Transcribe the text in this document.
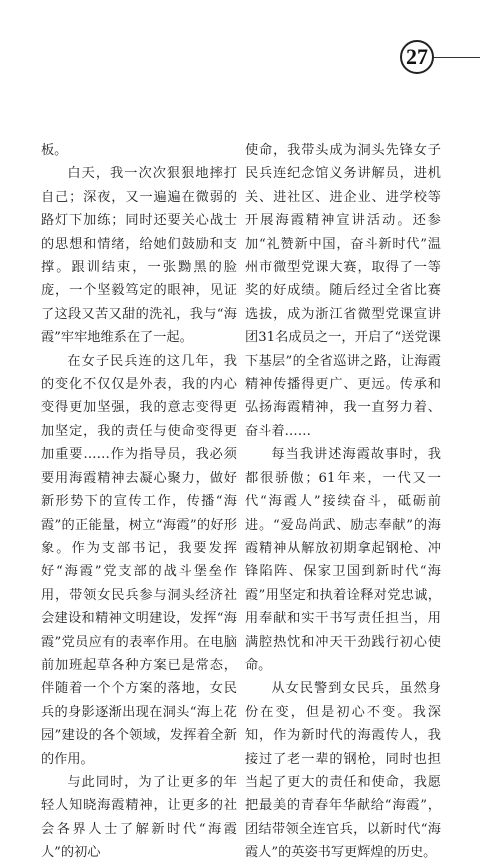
27

板。

白天，我一次次狠狠地摔打自己；深夜，又一遍遍在微弱的路灯下加练；同时还要关心战士的思想和情绪，给她们鼓励和支撑。跟训结束，一张黝黑的脸庞，一个坚毅笃定的眼神，见证了这段又苦又甜的洗礼，我与“海霞”牢牢地维系在了一起。

在女子民兵连的这几年，我的变化不仅仅是外表，我的内心变得更加坚强，我的意志变得更加坚定，我的责任与使命变得更加重要……作为指导员，我必须要用海霞精神去凝心聚力，做好新形势下的宣传工作，传播“海霞”的正能量，树立“海霞”的好形象。作为支部书记，我要发挥好“海霞”党支部的战斗堡垒作用，带领女民兵参与洞头经济社会建设和精神文明建设，发挥“海霞”党员应有的表率作用。在电脑前加班起草各种方案已是常态，伴随着一个个方案的落地，女民兵的身影逐渐出现在洞头“海上花园”建设的各个领域，发挥着全新的作用。

与此同时，为了让更多的年轻人知晓海霞精神，让更多的社会各界人士了解新时代“海霞人”的初心

使命，我带头成为洞头先锋女子民兵连纪念馆义务讲解员，进机关、进社区、进企业、进学校等开展海霞精神宣讲活动。还参加“礼赞新中国，奋斗新时代”温州市微型党课大赛，取得了一等奖的好成绩。随后经过全省比赛选拔，成为浙江省微型党课宣讲团31名成员之一，开启了“送党课下基层”的全省巡讲之路，让海霞精神传播得更广、更远。传承和弘扬海霞精神，我一直努力着、奋斗着……

每当我讲述海霞故事时，我都很骄傲；61年来，一代又一代“海霞人”接续奋斗，砥砺前进。“爱岛尚武、励志奉献”的海霞精神从解放初期拿起钢枪、冲锋陷阵、保家卫国到新时代“海霞”用坚定和执着诠释对党忠诚，用奉献和实干书写责任担当，用满腔热忱和冲天干劲践行初心使命。

从女民警到女民兵，虽然身份在变，但是初心不变。我深知，作为新时代的海霞传人，我接过了老一辈的钢枪，同时也担当起了更大的责任和使命，我愿把最美的青春年华献给“海霞”，团结带领全连官兵，以新时代“海霞人”的英姿书写更辉煌的历史。
